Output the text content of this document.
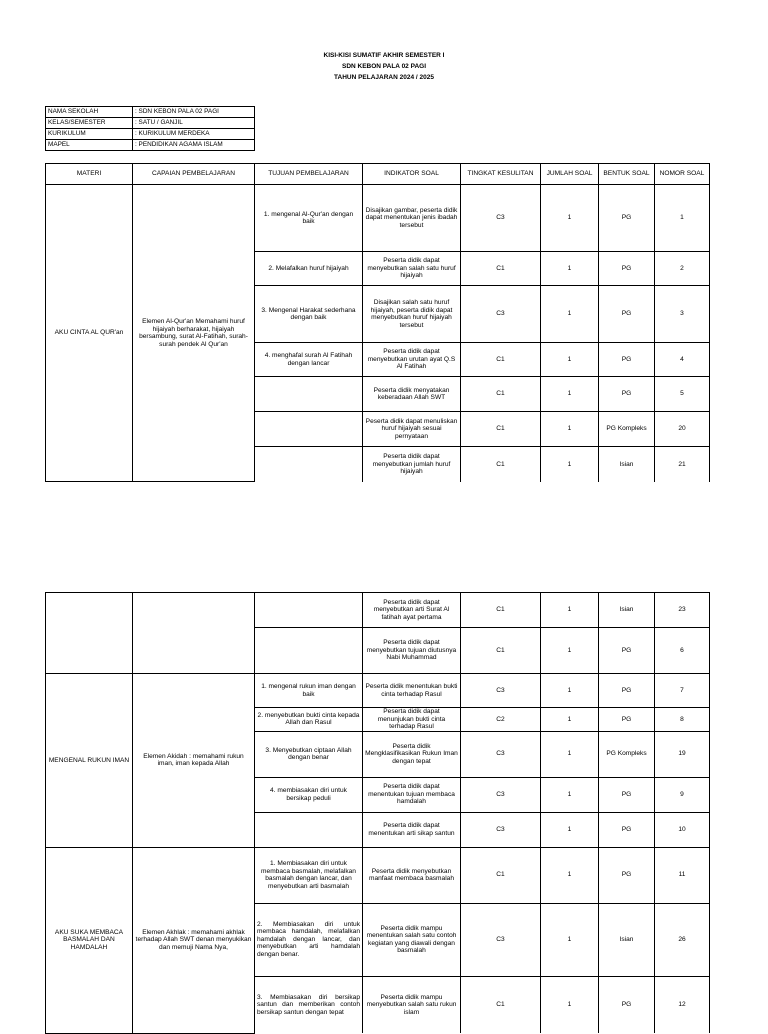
KISI-KISI SUMATIF AKHIR SEMESTER I
SDN KEBON PALA 02 PAGI
TAHUN PELAJARAN 2024 / 2025
NAMA SEKOLAH	: SDN KEBON PALA 02 PAGI
KELAS/SEMESTER	: SATU / GANJIL
KURIKULUM	: KURIKULUM MERDEKA
MAPEL	: PENDIDIKAN AGAMA ISLAM
MATERI	CAPAIAN PEMBELAJARAN	TUJUAN PEMBELAJARAN	INDIKATOR SOAL	TINGKAT KESULITAN	JUMLAH SOAL	BENTUK SOAL	NOMOR SOAL
AKU CINTA AL QUR'an	Elemen Al-Qur'an Memahami huruf hijaiyah berharakat, hijaiyah bersambung, surat Al-Fatihah, surah-surah pendek Al Qur'an	1. mengenal Al-Qur'an dengan baik	Disajikan gambar, peserta didik dapat menentukan jenis ibadah tersebut	C3	1	PG	1
		2. Melafalkan huruf hijaiyah	Peserta didik dapat menyebutkan salah satu huruf hijaiyah	C1	1	PG	2
		3. Mengenal Harakat sederhana dengan baik	Disajikan salah satu huruf hijaiyah, peserta didik dapat menyebutkan huruf hijaiyah tersebut	C3	1	PG	3
		4. menghafal surah Al Fatihah dengan lancar	Peserta didik dapat menyebutkan urutan ayat Q.S Al Fatihah	C1	1	PG	4
			Peserta didik menyatakan keberadaan Allah SWT	C1	1	PG	5
			Peserta didik dapat menuliskan huruf hijaiyah sesuai pernyataan	C1	1	PG Kompleks	20
			Peserta didik dapat menyebutkan jumlah huruf hijaiyah	C1	1	Isian	21
			Peserta didik dapat menyebutkan arti Surat Al fatihah ayat pertama	C1	1	Isian	23
			Peserta didik dapat menyebutkan tujuan diutusnya Nabi Muhammad	C1	1	PG	6
MENGENAL RUKUN IMAN	Elemen Akidah : memahami rukun iman, iman kepada Allah	1. mengenal rukun iman dengan baik	Peserta didik menentukan bukti cinta terhadap Rasul	C3	1	PG	7
		2. menyebutkan bukti cinta kepada Allah dan Rasul	Peserta didik dapat menunjukan bukti cinta terhadap Rasul	C2	1	PG	8
		3. Menyebutkan ciptaan Allah dengan benar	Peserta didik Mengklasifikasikan Rukun Iman dengan tepat	C3	1	PG Kompleks	19
		4. membiasakan diri untuk bersikap peduli	Peserta didik dapat menentukan tujuan membaca hamdalah	C3	1	PG	9
			Peserta didik dapat menentukan arti sikap santun	C3	1	PG	10
AKU SUKA MEMBACA BASMALAH DAN HAMDALAH	Elemen Akhlak : memahami akhlak terhadap Allah SWT denan menyukikan dan memuji Nama Nya,	1. Membiasakan diri untuk membaca basmalah, melafalkan basmalah dengan lancar, dan menyebutkan arti basmalah	Peserta didik menyebutkan manfaat membaca basmalah	C1	1	PG	11
		2. Membiasakan diri untuk membaca hamdalah, melafalkan hamdalah dengan lancar, dan menyebutkan arti hamdalah dengan benar.	Peserta didik mampu menentukan salah satu contoh kegiatan yang diawali dengan basmalah	C3	1	Isian	26
		3. Membiasakan diri bersikap santun dan memberikan contoh bersikap santun dengan tepat	Peserta didik mampu menyebutkan salah satu rukun islam	C1	1	PG	12
